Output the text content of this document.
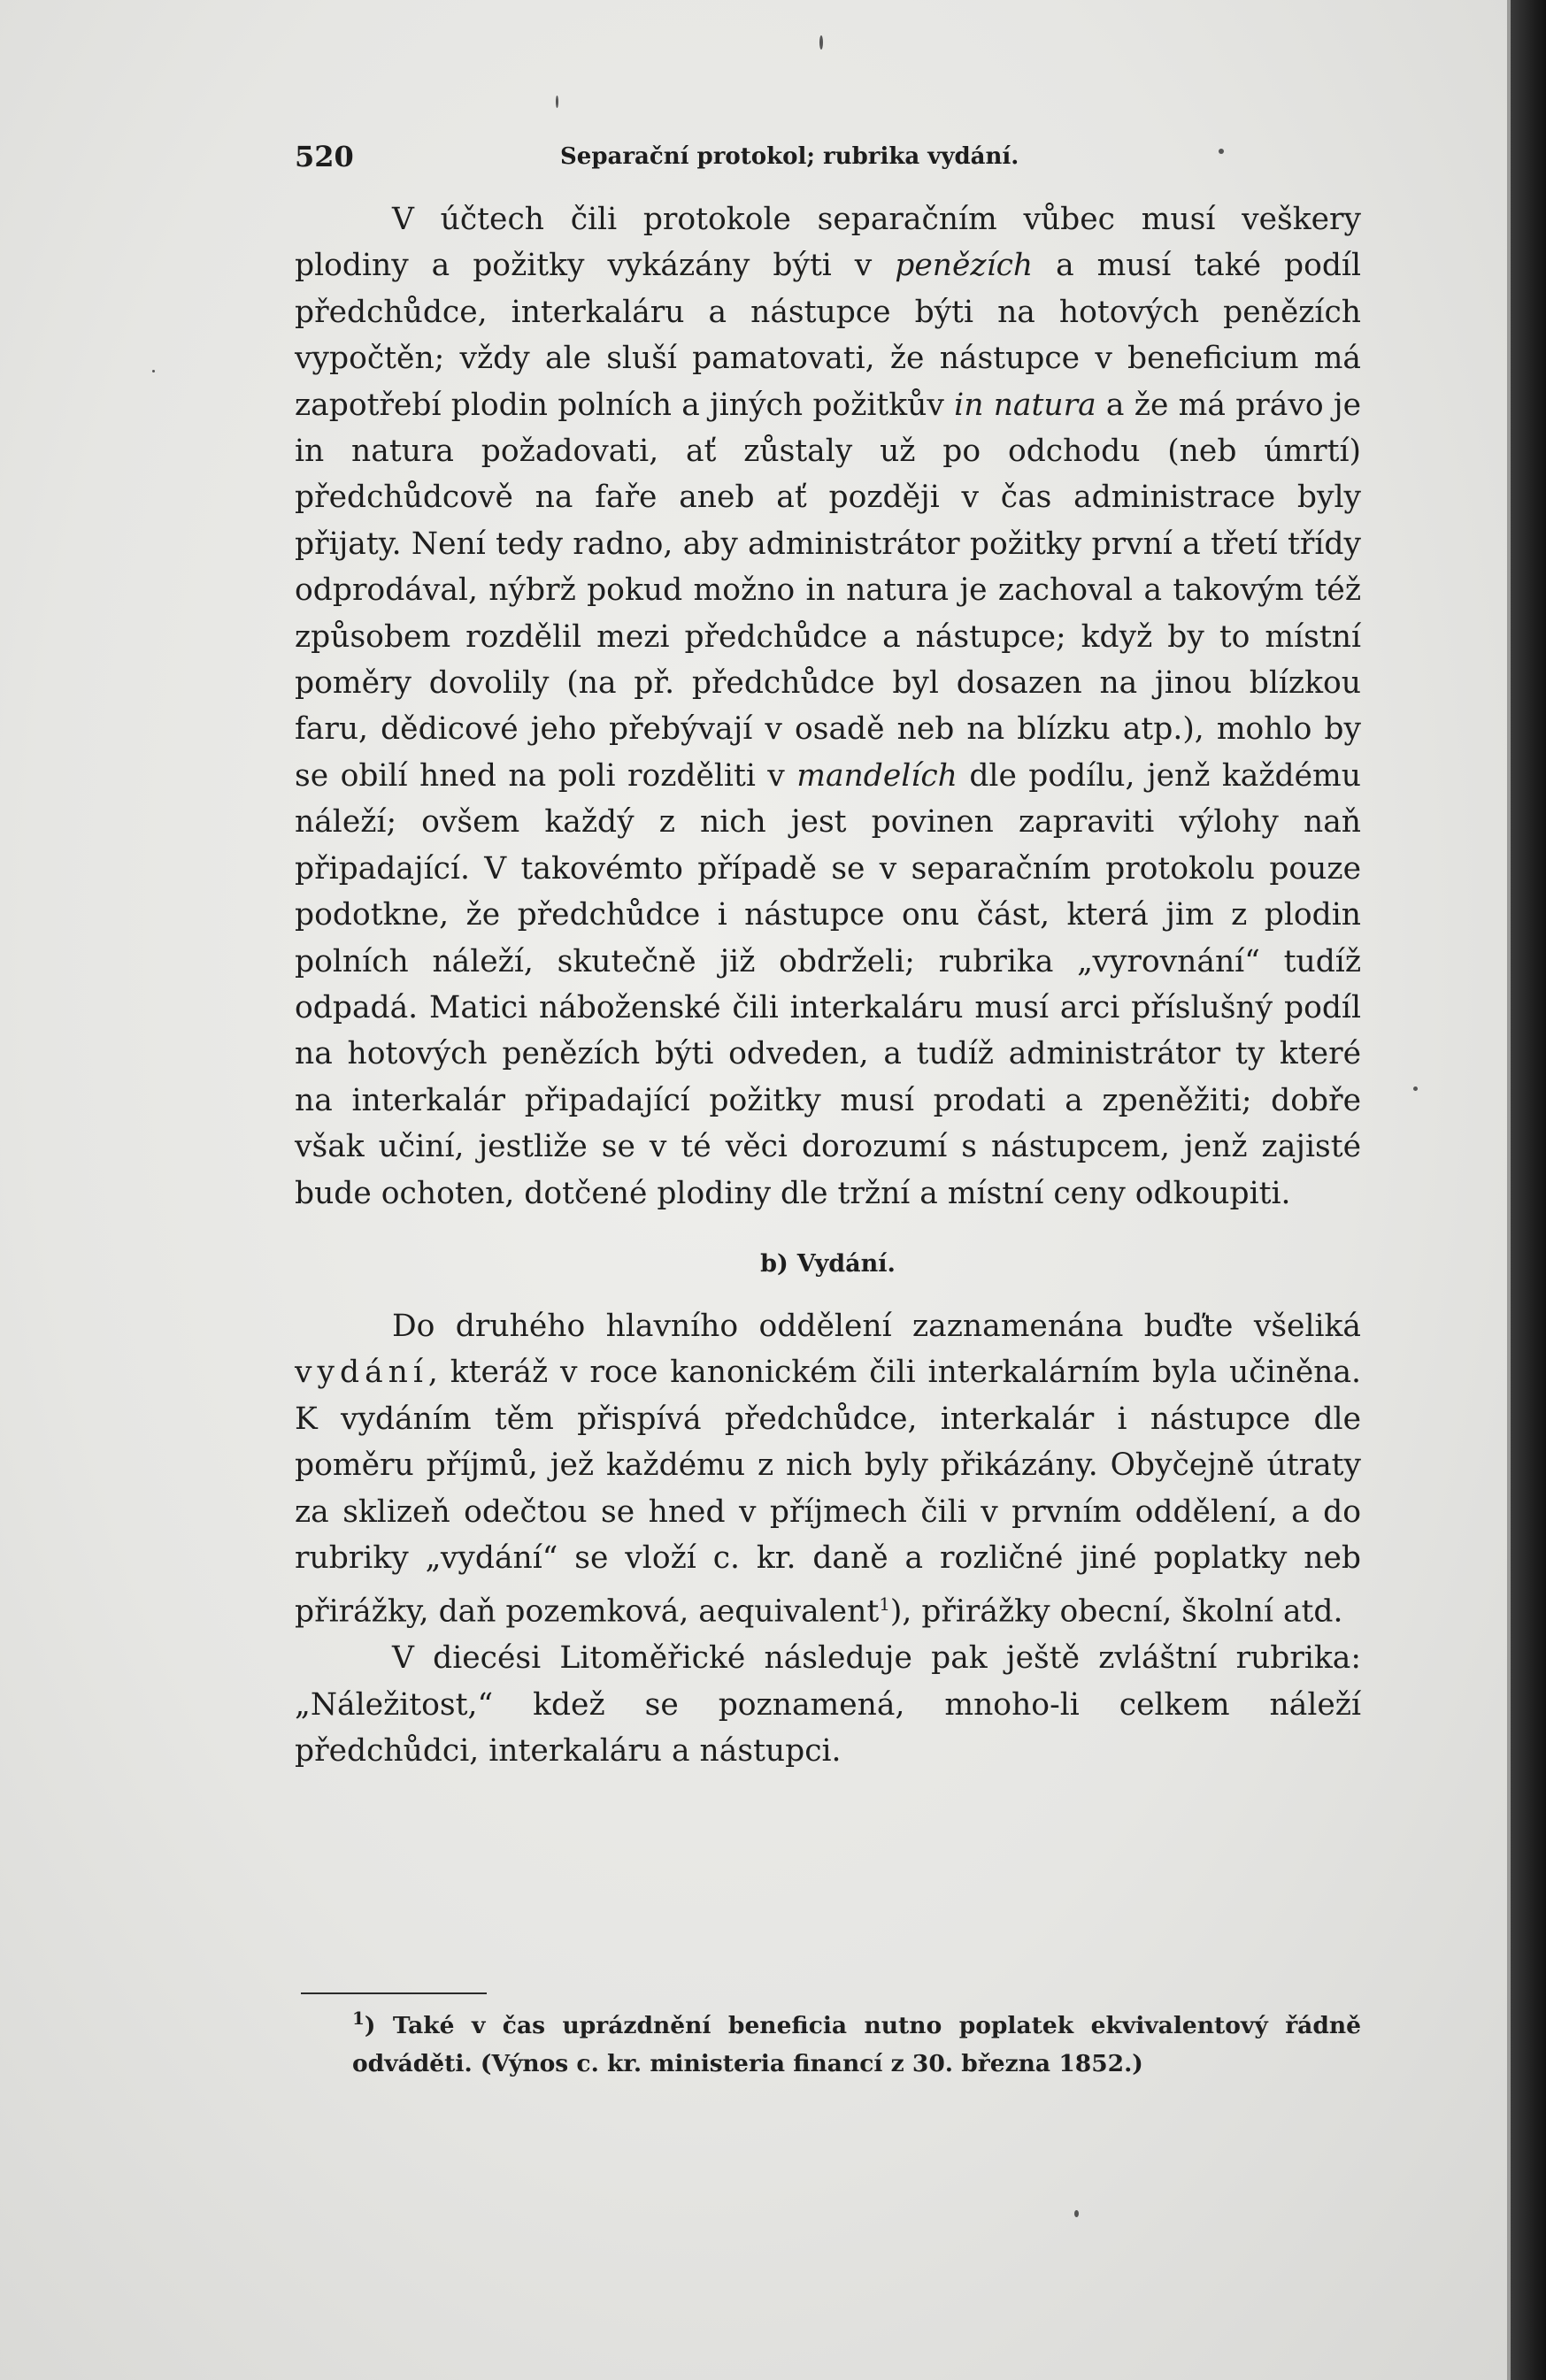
520	Separační protokol; rubrika vydání.

V účtech čili protokole separačním vůbec musí veškery plodiny a požitky vykázány býti v penězích a musí také podíl předchůdce, interkaláru a nástupce býti na hotových penězích vypočtěn; vždy ale sluší pamatovati, že nástupce v beneficium má zapotřebí plodin polních a jiných požitkův in natura a že má právo je in natura požadovati, ať zůstaly už po odchodu (neb úmrtí) předchůdcově na faře aneb ať později v čas administrace byly přijaty. Není tedy radno, aby administrátor požitky první a třetí třídy odprodával, nýbrž pokud možno in natura je zachoval a takovým též způsobem rozdělil mezi předchůdce a nástupce; když by to místní poměry dovolily (na př. předchůdce byl dosazen na jinou blízkou faru, dědicové jeho přebývají v osadě neb na blízku atp.), mohlo by se obilí hned na poli rozděliti v mandelích dle podílu, jenž každému náleží; ovšem každý z nich jest povinen zapraviti výlohy naň připadající. V takovémto případě se v separačním protokolu pouze podotkne, že předchůdce i nástupce onu část, která jim z plodin polních náleží, skutečně již obdrželi; rubrika „vyrovnání“ tudíž odpadá. Matici náboženské čili interkaláru musí arci příslušný podíl na hotových penězích býti odveden, a tudíž administrátor ty které na interkalár připadající požitky musí prodati a zpeněžiti; dobře však učiní, jestliže se v té věci dorozumí s nástupcem, jenž zajisté bude ochoten, dotčené plodiny dle tržní a místní ceny odkoupiti.

b) Vydání.

Do druhého hlavního oddělení zaznamenána buďte všeliká vydání, kteráž v roce kanonickém čili interkalárním byla učiněna. K vydáním těm přispívá předchůdce, interkalár i nástupce dle poměru příjmů, jež každému z nich byly přikázány. Obyčejně útraty za sklizeň odečtou se hned v příjmech čili v prvním oddělení, a do rubriky „vydání“ se vloží c. kr. daně a rozličné jiné poplatky neb přirážky, daň pozemková, aequivalent$^1$), přirážky obecní, školní atd.

V diecési Litoměřické následuje pak ještě zvláštní rubrika: „Náležitost,“ kdež se poznamená, mnoho-li celkem náleží předchůdci, interkaláru a nástupci.

$^1$) Také v čas uprázdnění beneficia nutno poplatek ekvivalentový řádně odváděti. (Výnos c. kr. ministeria financí z 30. března 1852.)
